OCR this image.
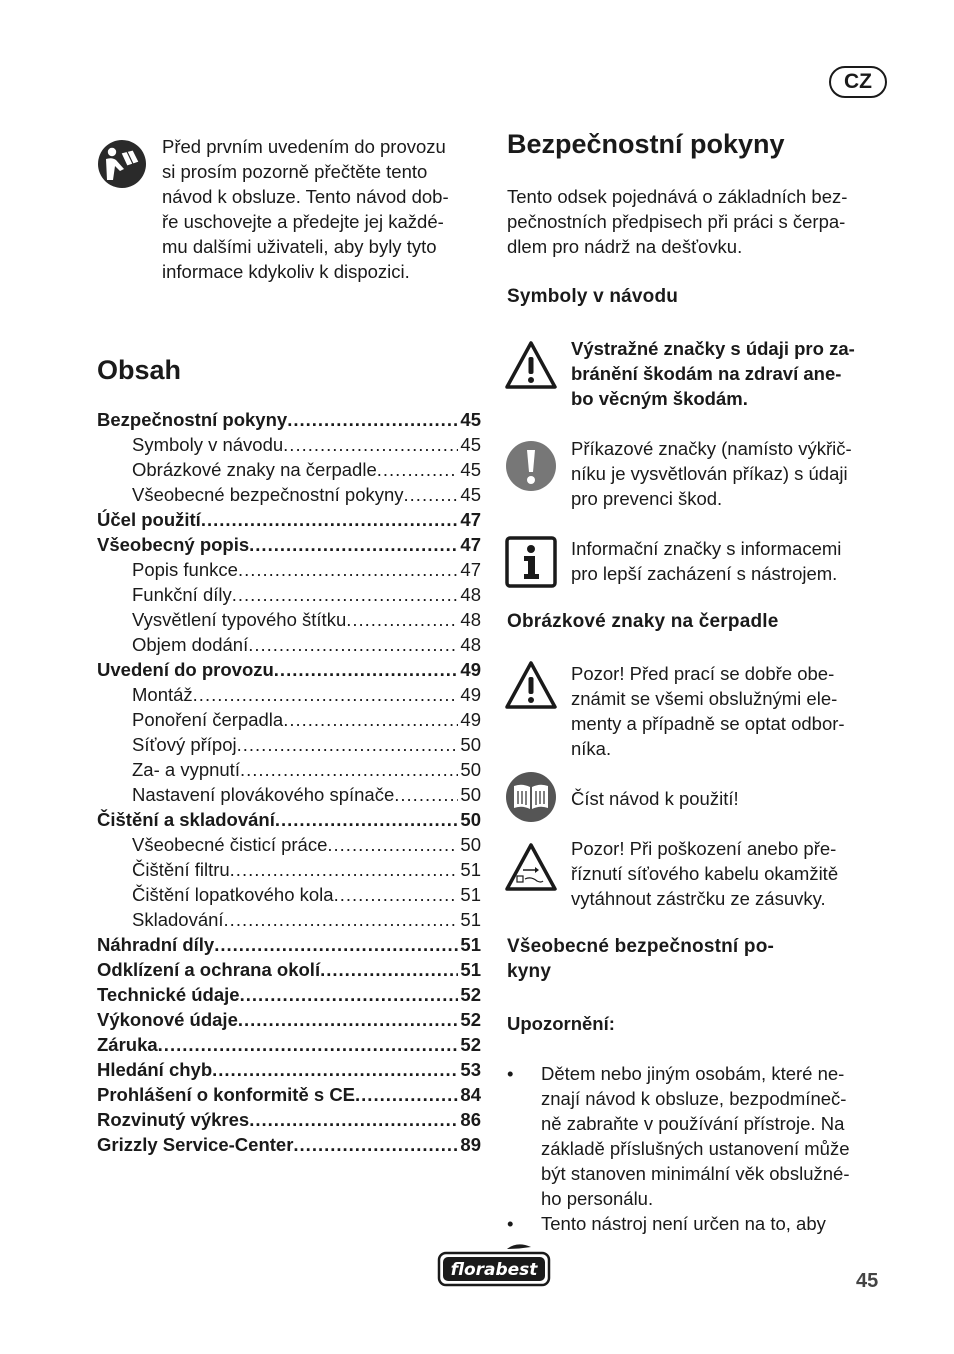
CZ
Před prvním uvedením do provozu
si prosím pozorně přečtěte tento
návod k obsluze. Tento návod dob-
ře uschovejte a předejte jej každé-
mu dalšími uživateli, aby byly tyto
informace kdykoliv k dispozici.
Obsah
Bezpečnostní pokyny .....	45
Symboly v návodu .....	45
Obrázkové znaky na čerpadle .....	45
Všeobecné bezpečnostní pokyny .....	45
Účel použití .....	47
Všeobecný popis .....	47
Popis funkce .....	47
Funkční díly .....	48
Vysvětlení typového štítku .....	48
Objem dodání .....	48
Uvedení do provozu .....	49
Montáž .....	49
Ponoření čerpadla .....	49
Síťový přípoj .....	50
Za- a vypnutí .....	50
Nastavení plovákového spínače .....	50
Čištění a skladování .....	50
Všeobecné čisticí práce .....	50
Čištění filtru .....	51
Čištění lopatkového kola .....	51
Skladování .....	51
Náhradní díly .....	51
Odklízení a ochrana okolí .....	51
Technické údaje .....	52
Výkonové údaje .....	52
Záruka .....	52
Hledání chyb .....	53
Prohlášení o konformitě s CE .....	84
Rozvinutý výkres .....	86
Grizzly Service-Center .....	89
Bezpečnostní pokyny
Tento odsek pojednává o základních bez-
pečnostních předpisech při práci s čerpa-
dlem pro nádrž na dešťovku.
Symboly v návodu
Výstražné značky s údaji pro za-
bránění škodám na zdraví ane-
bo věcným škodám.
Příkazové značky (namísto výkřič-
níku je vysvětlován příkaz) s údaji
pro prevenci škod.
Informační značky s informacemi
pro lepší zacházení s nástrojem.
Obrázkové znaky na čerpadle
Pozor! Před prací se dobře obe-
známit se všemi obslužnými ele-
menty a případně se optat odbor-
níka.
Číst návod k použití!
Pozor! Při poškození anebo pře-
říznutí síťového kabelu okamžitě
vytáhnout zástrčku ze zásuvky.
Všeobecné bezpečnostní po-
kyny
Upozornění:
•	Dětem nebo jiným osobám, které ne-
znají návod k obsluze, bezpodmíneč-
ně zabraňte v používání přístroje. Na
základě příslušných ustanovení může
být stanoven minimální věk obslužné-
ho personálu.
•	Tento nástroj není určen na to, aby
florabest	45
